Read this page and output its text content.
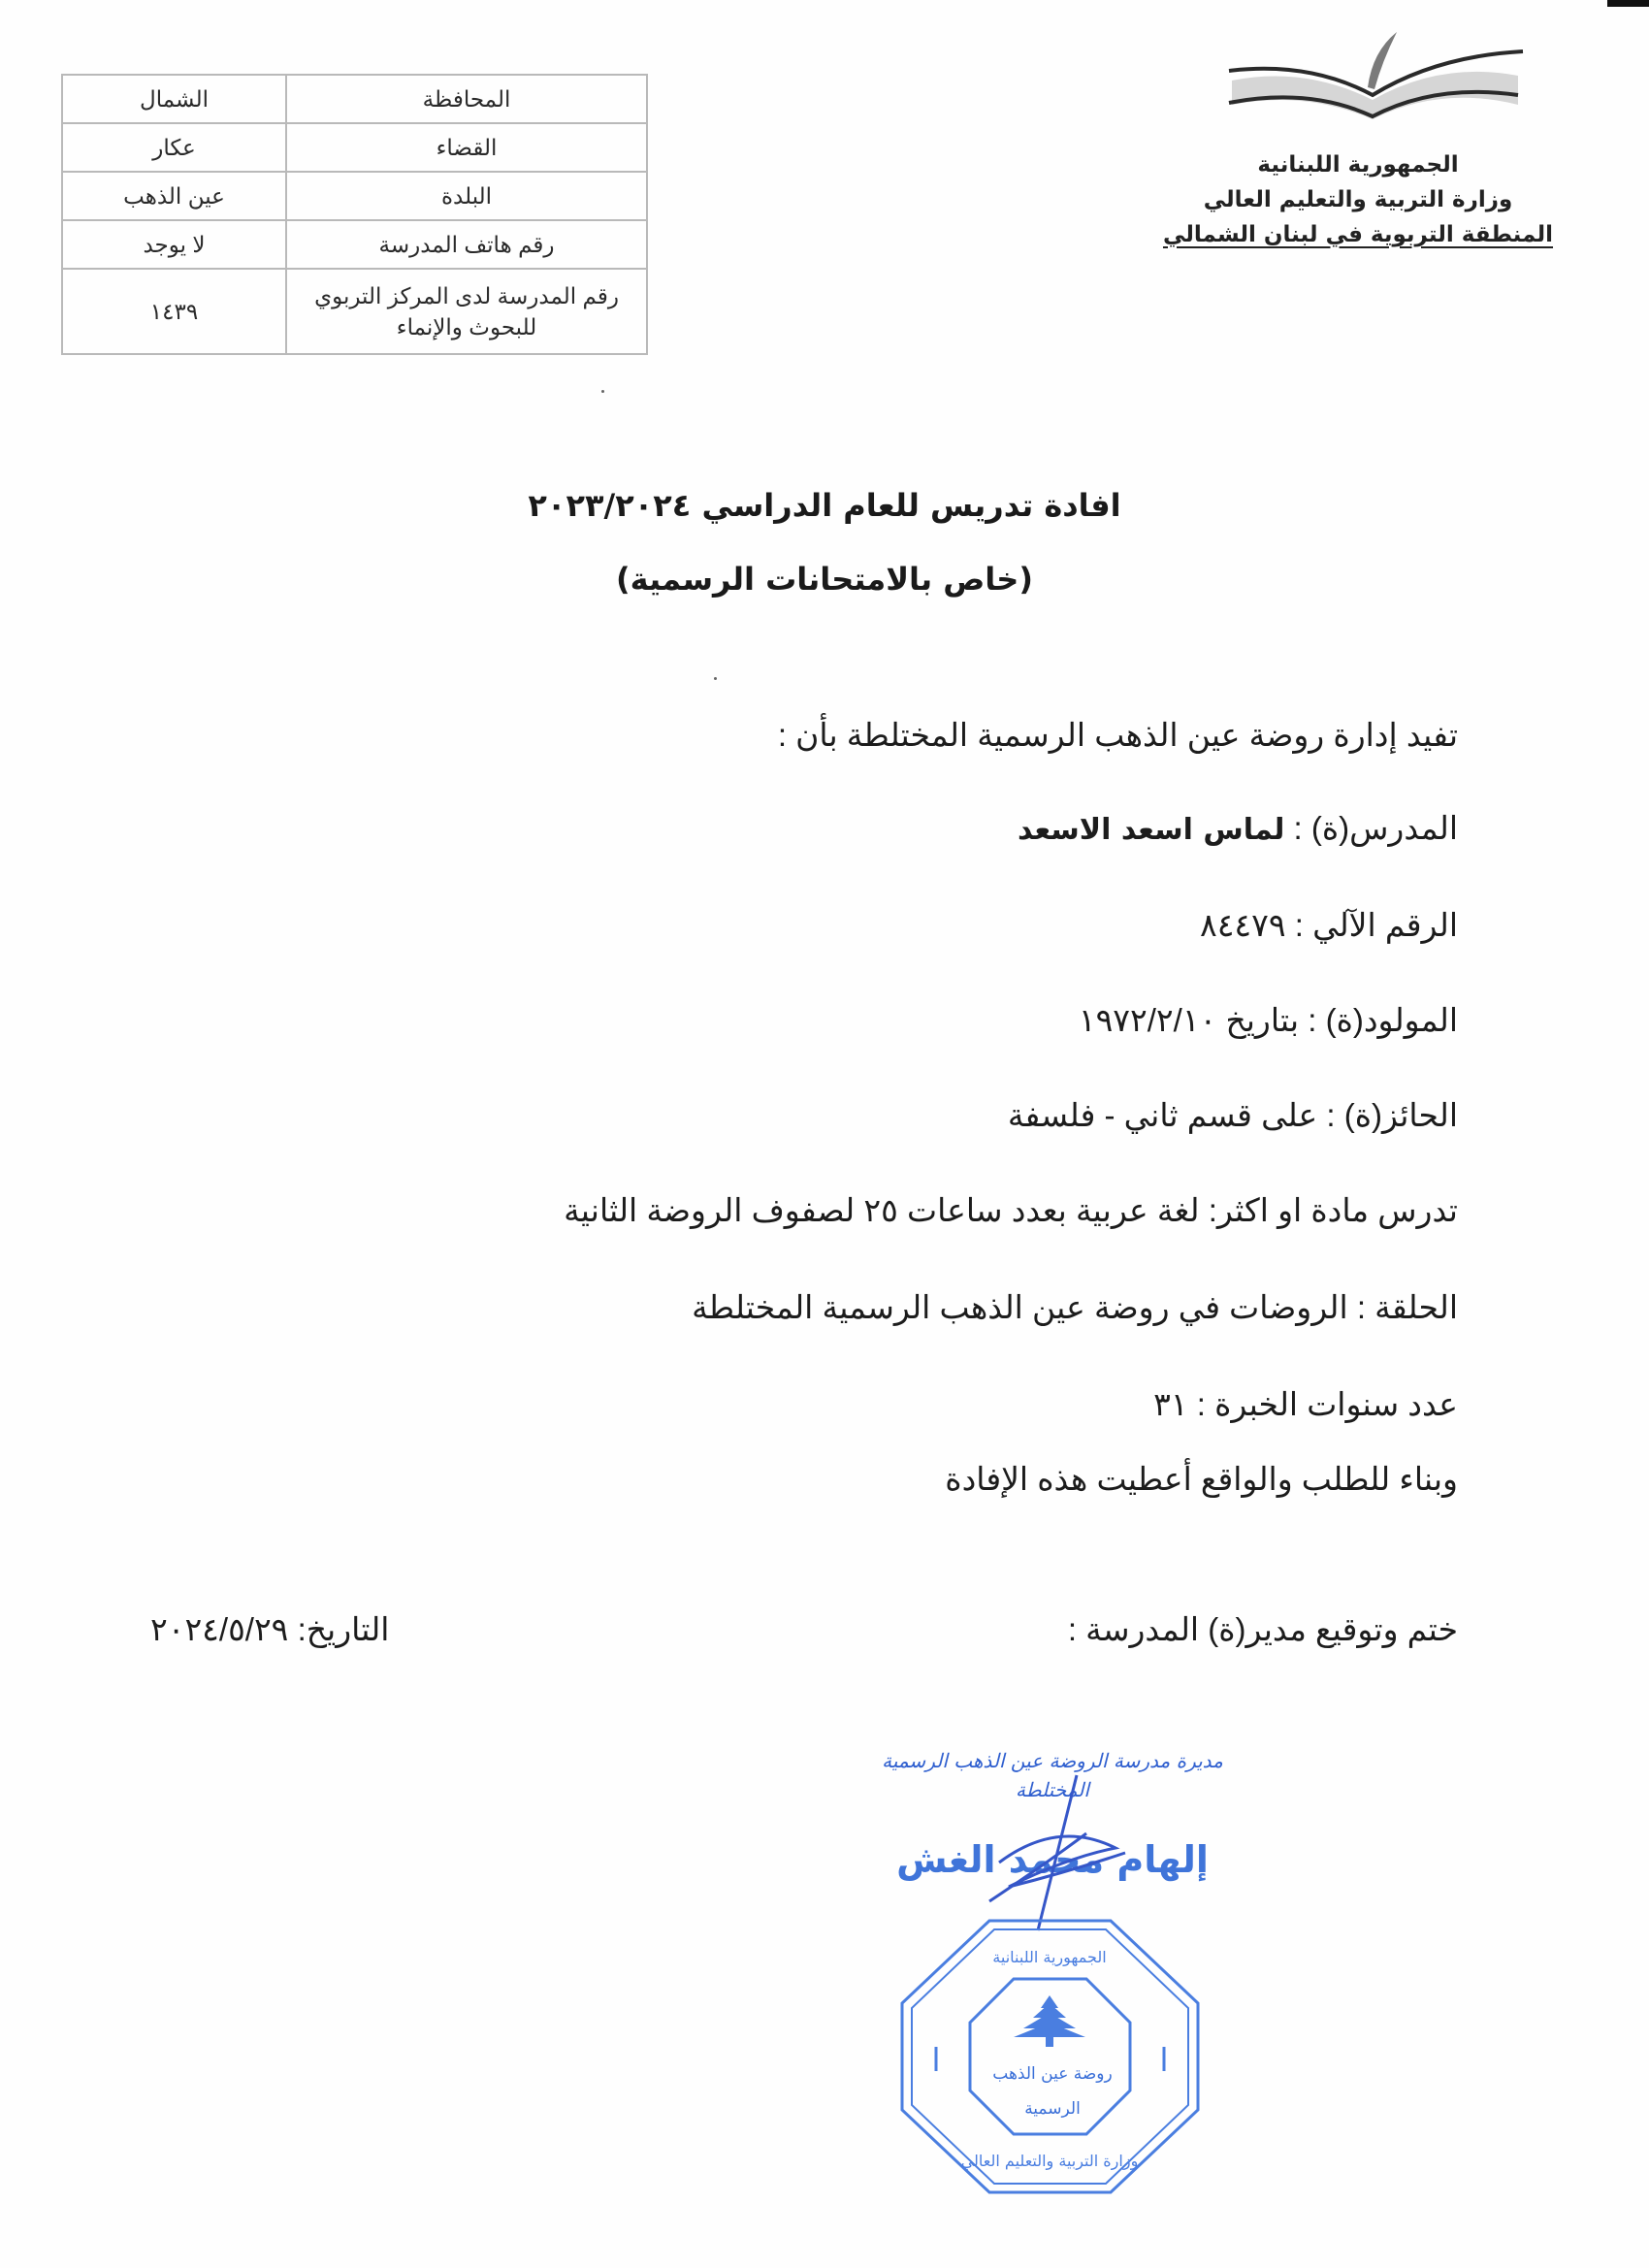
المحافظة	الشمال
القضاء	عكار
البلدة	عين الذهب
رقم هاتف المدرسة	لا يوجد
رقم المدرسة لدى المركز التربوي للبحوث والإنماء	١٤٣٩
الجمهورية اللبنانية
وزارة التربية والتعليم العالي
المنطقة التربوية في لبنان الشمالي
افادة تدريس للعام الدراسي ٢٠٢٣/٢٠٢٤
(خاص بالامتحانات الرسمية)
تفيد إدارة روضة عين الذهب الرسمية المختلطة بأن :
المدرس(ة) : لماس اسعد الاسعد
الرقم الآلي : ٨٤٤٧٩
المولود(ة) : بتاريخ ١٩٧٢/٢/١٠
الحائز(ة) : على قسم ثاني - فلسفة
تدرس مادة او اكثر: لغة عربية بعدد ساعات ٢٥ لصفوف الروضة الثانية
الحلقة : الروضات في روضة عين الذهب الرسمية المختلطة
عدد سنوات الخبرة : ٣١
وبناء للطلب والواقع أعطيت هذه الإفادة
ختم وتوقيع مدير(ة) المدرسة :
التاريخ: ٢٠٢٤/٥/٢٩
مديرة مدرسة الروضة عين الذهب الرسمية المختلطة
إلهام محمد الغش
الجمهورية اللبنانية
وزارة التربية والتعليم العالي
روضة عين الذهب
الرسمية
